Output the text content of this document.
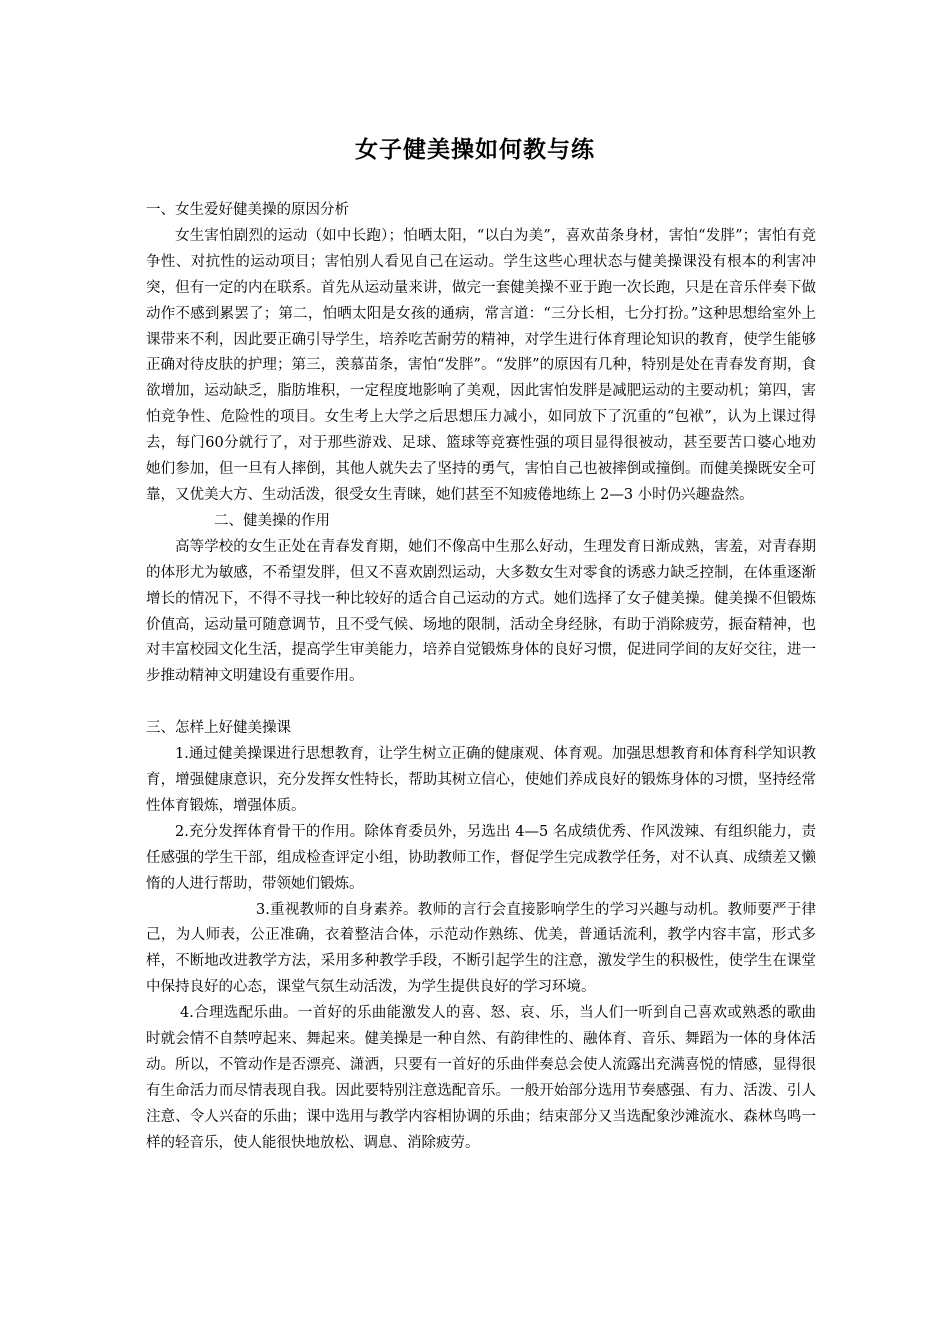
女子健美操如何教与练

一、女生爱好健美操的原因分析

女生害怕剧烈的运动（如中长跑）；怕晒太阳，“以白为美”，喜欢苗条身材，害怕“发胖”；害怕有竞争性、对抗性的运动项目；害怕别人看见自己在运动。学生这些心理状态与健美操课没有根本的利害冲突，但有一定的内在联系。首先从运动量来讲，做完一套健美操不亚于跑一次长跑，只是在音乐伴奏下做动作不感到累罢了；第二，怕晒太阳是女孩的通病，常言道：“三分长相，七分打扮。”这种思想给室外上课带来不利，因此要正确引导学生，培养吃苦耐劳的精神，对学生进行体育理论知识的教育，使学生能够正确对待皮肤的护理；第三，羡慕苗条，害怕“发胖”。“发胖”的原因有几种，特别是处在青春发育期，食欲增加，运动缺乏，脂肪堆积，一定程度地影响了美观，因此害怕发胖是减肥运动的主要动机；第四，害怕竞争性、危险性的项目。女生考上大学之后思想压力减小，如同放下了沉重的“包袱”，认为上课过得去，每门60分就行了，对于那些游戏、足球、篮球等竞赛性强的项目显得很被动，甚至要苦口婆心地劝她们参加，但一旦有人摔倒，其他人就失去了坚持的勇气，害怕自己也被摔倒或撞倒。而健美操既安全可靠，又优美大方、生动活泼，很受女生青睐，她们甚至不知疲倦地练上 2—3 小时仍兴趣盎然。

二、健美操的作用

高等学校的女生正处在青春发育期，她们不像高中生那么好动，生理发育日渐成熟，害羞，对青春期的体形尤为敏感，不希望发胖，但又不喜欢剧烈运动，大多数女生对零食的诱惑力缺乏控制，在体重逐渐增长的情况下，不得不寻找一种比较好的适合自己运动的方式。她们选择了女子健美操。健美操不但锻炼价值高，运动量可随意调节，且不受气候、场地的限制，活动全身经脉，有助于消除疲劳，振奋精神，也对丰富校园文化生活，提高学生审美能力，培养自觉锻炼身体的良好习惯，促进同学间的友好交往，进一步推动精神文明建设有重要作用。

三、怎样上好健美操课

1.通过健美操课进行思想教育，让学生树立正确的健康观、体育观。加强思想教育和体育科学知识教育，增强健康意识，充分发挥女性特长，帮助其树立信心，使她们养成良好的锻炼身体的习惯，坚持经常性体育锻炼，增强体质。

2.充分发挥体育骨干的作用。除体育委员外，另选出 4—5 名成绩优秀、作风泼辣、有组织能力，责任感强的学生干部，组成检查评定小组，协助教师工作，督促学生完成教学任务，对不认真、成绩差又懒惰的人进行帮助，带领她们锻炼。

3.重视教师的自身素养。教师的言行会直接影响学生的学习兴趣与动机。教师要严于律己，为人师表，公正准确，衣着整洁合体，示范动作熟练、优美，普通话流利，教学内容丰富，形式多样，不断地改进教学方法，采用多种教学手段，不断引起学生的注意，激发学生的积极性，使学生在课堂中保持良好的心态，课堂气氛生动活泼，为学生提供良好的学习环境。

4.合理选配乐曲。一首好的乐曲能激发人的喜、怒、哀、乐，当人们一听到自己喜欢或熟悉的歌曲时就会情不自禁哼起来、舞起来。健美操是一种自然、有韵律性的、融体育、音乐、舞蹈为一体的身体活动。所以，不管动作是否漂亮、潇洒，只要有一首好的乐曲伴奏总会使人流露出充满喜悦的情感，显得很有生命活力而尽情表现自我。因此要特别注意选配音乐。一般开始部分选用节奏感强、有力、活泼、引人注意、令人兴奋的乐曲；课中选用与教学内容相协调的乐曲；结束部分又当选配象沙滩流水、森林鸟鸣一样的轻音乐，使人能很快地放松、调息、消除疲劳。
